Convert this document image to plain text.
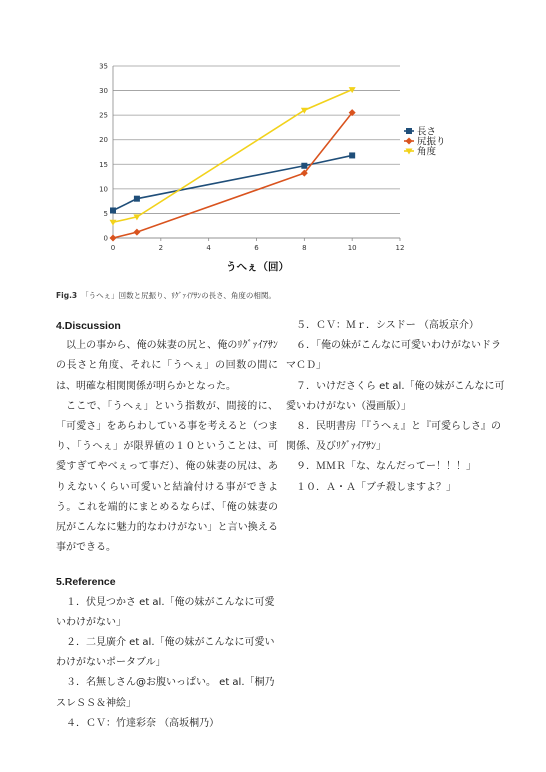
0
5
10
15
20
25
30
35
0	2	4	6	8	10	12
うへぇ（回）
長さ
尻振り
角度
Fig.3 「うへぇ」回数と尻振り、ﾘｸﾞｧｲｱｻﾝの長さ、角度の相関。
4.Discussion

以上の事から、俺の妹妻の尻と、俺のﾘｸﾞｧｲｱｻﾝの長さと角度、それに「うへぇ」の回数の間には、明確な相関関係が明らかとなった。

ここで、「うへぇ」という指数が、間接的に、「可愛さ」をあらわしている事を考えると（つまり、「うへぇ」が限界値の１０ということは、可愛すぎてやべぇって事だ）、俺の妹妻の尻は、ありえないくらい可愛いと結論付ける事ができよう。これを端的にまとめるならば、「俺の妹妻の尻がこんなに魅力的なわけがない」と言い換える事ができる。

5.Reference

１．伏見つかさ et al.「俺の妹がこんなに可愛いわけがない」

２．二見廣介 et al.「俺の妹がこんなに可愛いわけがないポータブル」

３．名無しさん@お腹いっぱい。 et al.「桐乃スレＳＳ＆神絵」

４．ＣＶ：竹達彩奈 （高坂桐乃）

５．ＣＶ：Ｍｒ．シスドー （高坂京介）

６．「俺の妹がこんなに可愛いわけがないドラマＣＤ」

７．いけださくら et al.「俺の妹がこんなに可愛いわけがない（漫画版）」

８．民明書房「『うへぇ』と『可愛らしさ』の関係、及びﾘｸﾞｧｲｱｻﾝ」

９．ＭＭＲ「な、なんだってー！！！」

１０．Ａ・Ａ「ブチ殺しますよ？」
